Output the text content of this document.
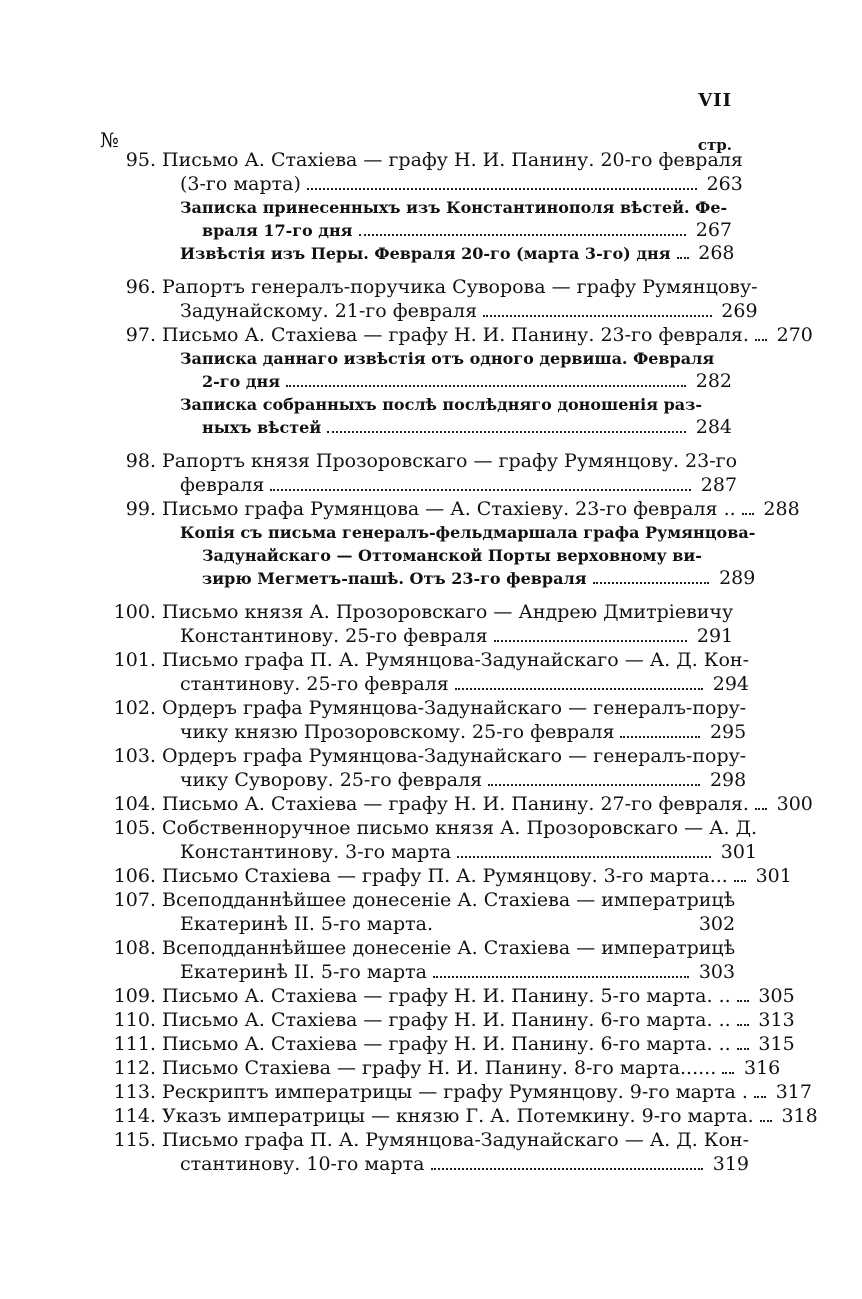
VII
№	стр.
95. Письмо А. Стахіева — графу Н. И. Панину. 20-го февраля
(3-го марта)	263
Записка принесенныхъ изъ Константинополя вѣстей. Фе-
враля 17-го дня	267
Извѣстія изъ Перы. Февраля 20-го (марта 3-го) дня 268
96. Рапортъ генералъ-поручика Суворова — графу Румянцову-
Задунайскому. 21-го февраля	269
97. Письмо А. Стахіева — графу Н. И. Панину. 23-го февраля. 270
Записка даннаго извѣстія отъ одного дервиша. Февраля
2-го дня	282
Записка собранныхъ послѣ послѣдняго доношенія раз-
ныхъ вѣстей	284
98. Рапортъ князя Прозоровскаго — графу Румянцову. 23-го
февраля	287
99. Письмо графа Румянцова — А. Стахіеву. 23-го февраля .. 288
Копія съ письма генералъ-фельдмаршала графа Румянцова-
Задунайскаго — Оттоманской Порты верховному ви-
зирю Мегметъ-пашѣ. Отъ 23-го февраля	289
100. Письмо князя А. Прозоровскаго — Андрею Дмитріевичу
Константинову. 25-го февраля	291
101. Письмо графа П. А. Румянцова-Задунайскаго — А. Д. Кон-
стантинову. 25-го февраля	294
102. Ордеръ графа Румянцова-Задунайскаго — генералъ-пору-
чику князю Прозоровскому. 25-го февраля	295
103. Ордеръ графа Румянцова-Задунайскаго — генералъ-пору-
чику Суворову. 25-го февраля	298
104. Письмо А. Стахіева — графу Н. И. Панину. 27-го февраля. 300
105. Собственноручное письмо князя А. Прозоровскаго — А. Д.
Константинову. 3-го марта	301
106. Письмо Стахіева — графу П. А. Румянцову. 3-го марта... 301
107. Всеподданнѣйшее донесеніе А. Стахіева — императрицѣ
Екатеринѣ II. 5-го марта.	302
108. Всеподданнѣйшее донесеніе А. Стахіева — императрицѣ
Екатеринѣ II. 5-го марта	303
109. Письмо А. Стахіева — графу Н. И. Панину. 5-го марта. .. 305
110. Письмо А. Стахіева — графу Н. И. Панину. 6-го марта. .. 313
111. Письмо А. Стахіева — графу Н. И. Панину. 6-го марта. .. 315
112. Письмо Стахіева — графу Н. И. Панину. 8-го марта...... 316
113. Рескриптъ императрицы — графу Румянцову. 9-го марта . 317
114. Указъ императрицы — князю Г. А. Потемкину. 9-го марта. 318
115. Письмо графа П. А. Румянцова-Задунайскаго — А. Д. Кон-
стантинову. 10-го марта	319
